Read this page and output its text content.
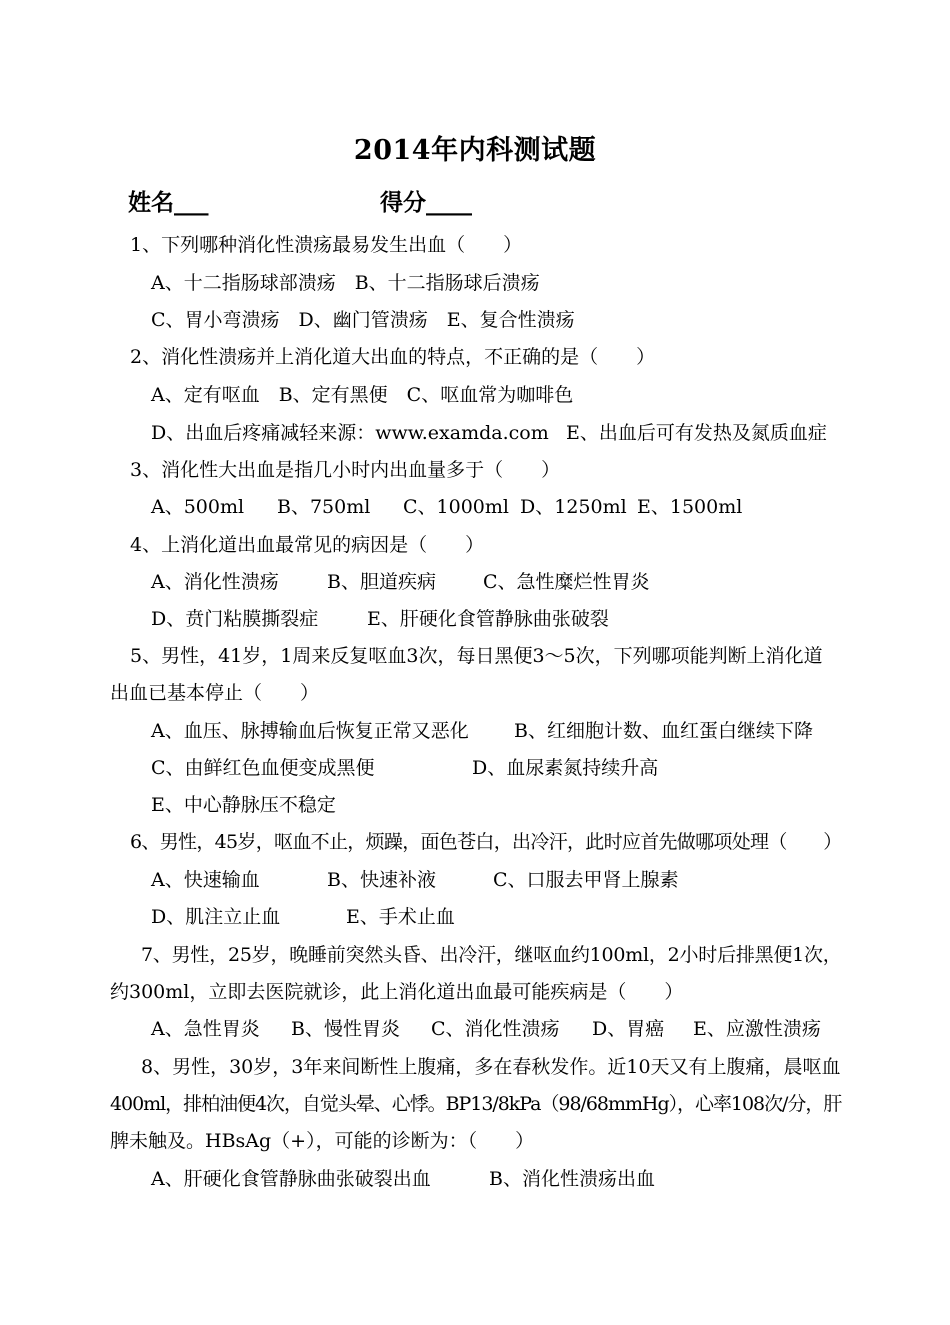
2014年内科测试题
姓名___	得分____
1、下列哪种消化性溃疡最易发生出血（　　）
A、十二指肠球部溃疡　B、十二指肠球后溃疡
C、胃小弯溃疡　D、幽门管溃疡　E、复合性溃疡
2、消化性溃疡并上消化道大出血的特点，不正确的是（　　）
A、定有呕血　B、定有黑便　C、呕血常为咖啡色
D、出血后疼痛减轻来源：www.examda.com E、出血后可有发热及氮质血症
3、消化性大出血是指几小时内出血量多于（　　）
A、500ml B、750ml C、1000ml D、1250ml E、1500ml
4、上消化道出血最常见的病因是（　　）
A、消化性溃疡	B、胆道疾病 C、急性糜烂性胃炎
D、贲门粘膜撕裂症	E、肝硬化食管静脉曲张破裂
5、男性，41岁，1周来反复呕血3次，每日黑便3～5次，下列哪项能判断上消化道
出血已基本停止（　　）
A、血压、脉搏输血后恢复正常又恶化 B、红细胞计数、血红蛋白继续下降
C、由鲜红色血便变成黑便	D、血尿素氮持续升高
E、中心静脉压不稳定
6、男性，45岁，呕血不止，烦躁，面色苍白，出冷汗，此时应首先做哪项处理（　　）
A、快速输血	B、快速补液	C、口服去甲肾上腺素
D、肌注立止血	E、手术止血
7、男性，25岁，晚睡前突然头昏、出冷汗，继呕血约100ml，2小时后排黑便1次，
约300ml，立即去医院就诊，此上消化道出血最可能疾病是（　　）
A、急性胃炎 B、慢性胃炎 C、消化性溃疡 D、胃癌 E、应激性溃疡
8、男性，30岁，3年来间断性上腹痛，多在春秋发作。近10天又有上腹痛，晨呕血
400ml，排柏油便4次，自觉头晕、心悸。BP13/8kPa（98/68mmHg），心率108次/分，肝
脾未触及。HBsAg（+），可能的诊断为：（　　）
A、肝硬化食管静脉曲张破裂出血	B、消化性溃疡出血
